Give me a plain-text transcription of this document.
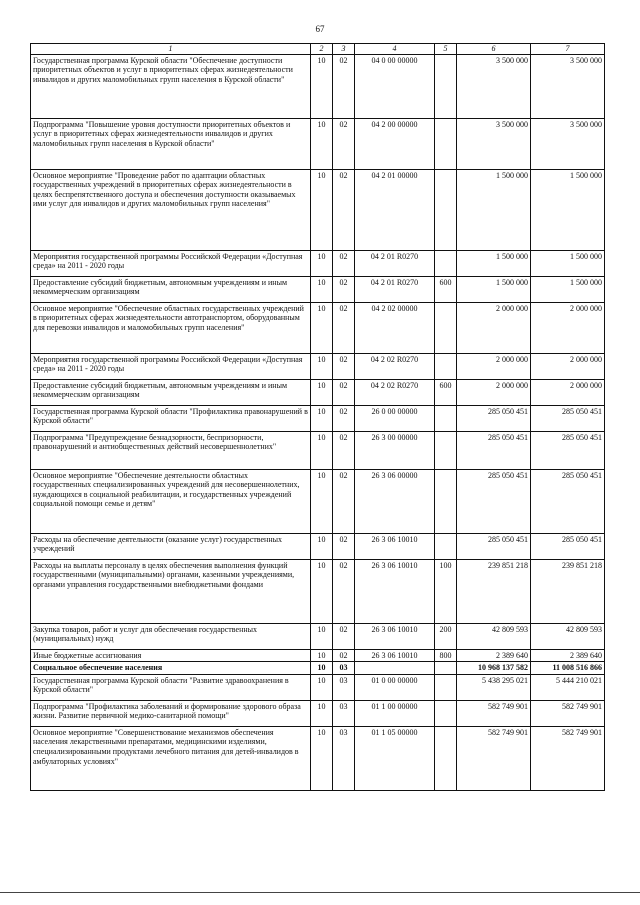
67
1	2	3	4	5	6	7
Государственная программа Курской области "Обеспечение доступности приоритетных объектов и услуг в приоритетных сферах жизнедеятельности инвалидов и других маломобильных групп населения в Курской области"	10	02	04 0 00 00000		3 500 000	3 500 000
Подпрограмма "Повышение уровня доступности приоритетных объектов и услуг в приоритетных сферах жизнедеятельности инвалидов и других маломобильных групп населения в Курской области"	10	02	04 2 00 00000		3 500 000	3 500 000
Основное мероприятие "Проведение работ по адаптации областных государственных учреждений в приоритетных сферах жизнедеятельности в целях беспрепятственного доступа и обеспечения доступности оказываемых ими услуг для инвалидов и других маломобильных групп населения"	10	02	04 2 01 00000		1 500 000	1 500 000
Мероприятия государственной программы Российской Федерации «Доступная среда» на 2011 - 2020 годы	10	02	04 2 01 R0270		1 500 000	1 500 000
Предоставление субсидий бюджетным, автономным учреждениям и иным некоммерческим организациям	10	02	04 2 01 R0270	600	1 500 000	1 500 000
Основное мероприятие "Обеспечение областных государственных учреждений в приоритетных сферах жизнедеятельности автотранспортом, оборудованным для перевозки инвалидов и маломобильных групп населения"	10	02	04 2 02 00000		2 000 000	2 000 000
Мероприятия государственной программы Российской Федерации «Доступная среда» на 2011 - 2020 годы	10	02	04 2 02 R0270		2 000 000	2 000 000
Предоставление субсидий бюджетным, автономным учреждениям и иным некоммерческим организациям	10	02	04 2 02 R0270	600	2 000 000	2 000 000
Государственная программа Курской области "Профилактика правонарушений в Курской области"	10	02	26 0 00 00000		285 050 451	285 050 451
Подпрограмма "Предупреждение безнадзорности, беспризорности, правонарушений и антиобщественных действий несовершеннолетних"	10	02	26 3 00 00000		285 050 451	285 050 451
Основное мероприятие "Обеспечение деятельности областных государственных специализированных учреждений для несовершеннолетних, нуждающихся в социальной реабилитации, и государственных учреждений социальной помощи семье и детям"	10	02	26 3 06 00000		285 050 451	285 050 451
Расходы на обеспечение деятельности (оказание услуг) государственных учреждений	10	02	26 3 06 10010		285 050 451	285 050 451
Расходы на выплаты персоналу в целях обеспечения выполнения функций государственными (муниципальными) органами, казенными учреждениями, органами управления государственными внебюджетными фондами	10	02	26 3 06 10010	100	239 851 218	239 851 218
Закупка товаров, работ и услуг для обеспечения государственных (муниципальных) нужд	10	02	26 3 06 10010	200	42 809 593	42 809 593
Иные бюджетные ассигнования	10	02	26 3 06 10010	800	2 389 640	2 389 640
Социальное обеспечение населения	10	03			10 968 137 582	11 008 516 866
Государственная программа Курской области "Развитие здравоохранения в Курской области"	10	03	01 0 00 00000		5 438 295 021	5 444 210 021
Подпрограмма "Профилактика заболеваний и формирование здорового образа жизни. Развитие первичной медико-санитарной помощи"	10	03	01 1 00 00000		582 749 901	582 749 901
Основное мероприятие "Совершенствование механизмов обеспечения населения лекарственными препаратами, медицинскими изделиями, специализированными продуктами лечебного питания для детей-инвалидов в амбулаторных условиях"	10	03	01 1 05 00000		582 749 901	582 749 901
